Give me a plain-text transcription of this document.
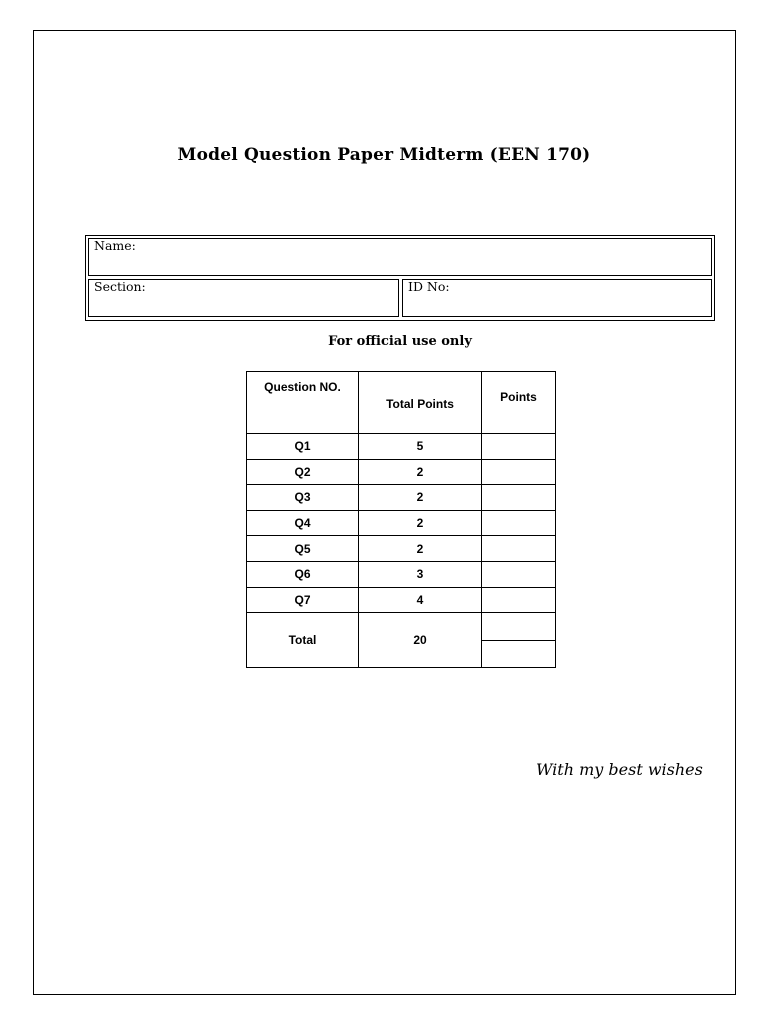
Model Question Paper Midterm (EEN 170)
Name:
Section:	ID No:
For official use only
Question NO.	Total Points	Points
Q1	5	
Q2	2	
Q3	2	
Q4	2	
Q5	2	
Q6	3	
Q7	4	
Total	20	
With my best wishes
